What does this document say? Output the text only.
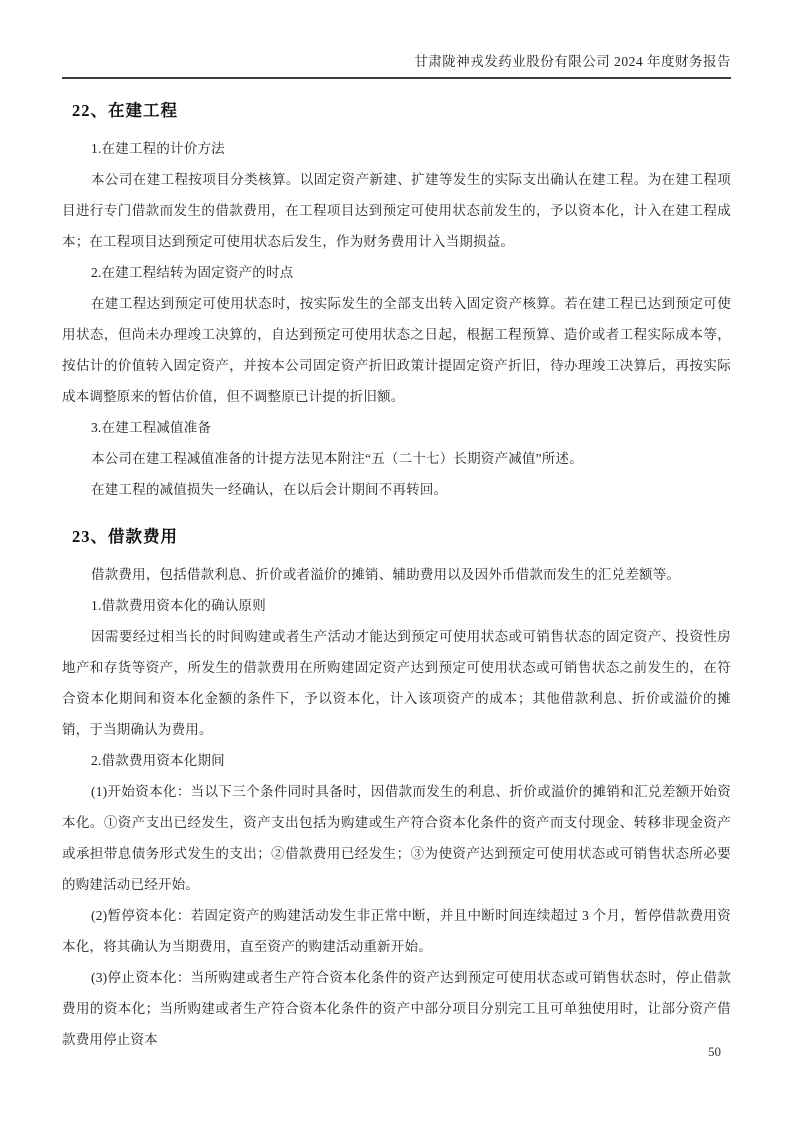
甘肃陇神戎发药业股份有限公司 2024 年度财务报告
22、在建工程

1.在建工程的计价方法

本公司在建工程按项目分类核算。以固定资产新建、扩建等发生的实际支出确认在建工程。为在建工程项目进行专门借款而发生的借款费用，在工程项目达到预定可使用状态前发生的，予以资本化，计入在建工程成本；在工程项目达到预定可使用状态后发生，作为财务费用计入当期损益。

2.在建工程结转为固定资产的时点

在建工程达到预定可使用状态时，按实际发生的全部支出转入固定资产核算。若在建工程已达到预定可使用状态，但尚未办理竣工决算的，自达到预定可使用状态之日起，根据工程预算、造价或者工程实际成本等，按估计的价值转入固定资产，并按本公司固定资产折旧政策计提固定资产折旧，待办理竣工决算后，再按实际成本调整原来的暂估价值，但不调整原已计提的折旧额。

3.在建工程减值准备

本公司在建工程减值准备的计提方法见本附注“五（二十七）长期资产减值”所述。

在建工程的减值损失一经确认，在以后会计期间不再转回。

23、借款费用

借款费用，包括借款利息、折价或者溢价的摊销、辅助费用以及因外币借款而发生的汇兑差额等。

1.借款费用资本化的确认原则

因需要经过相当长的时间购建或者生产活动才能达到预定可使用状态或可销售状态的固定资产、投资性房地产和存货等资产，所发生的借款费用在所购建固定资产达到预定可使用状态或可销售状态之前发生的，在符合资本化期间和资本化金额的条件下，予以资本化，计入该项资产的成本；其他借款利息、折价或溢价的摊销，于当期确认为费用。

2.借款费用资本化期间

(1)开始资本化：当以下三个条件同时具备时，因借款而发生的利息、折价或溢价的摊销和汇兑差额开始资本化。①资产支出已经发生，资产支出包括为购建或生产符合资本化条件的资产而支付现金、转移非现金资产或承担带息债务形式发生的支出；②借款费用已经发生；③为使资产达到预定可使用状态或可销售状态所必要的购建活动已经开始。

(2)暂停资本化：若固定资产的购建活动发生非正常中断，并且中断时间连续超过 3 个月，暂停借款费用资本化，将其确认为当期费用，直至资产的购建活动重新开始。

(3)停止资本化：当所购建或者生产符合资本化条件的资产达到预定可使用状态或可销售状态时，停止借款费用的资本化；当所购建或者生产符合资本化条件的资产中部分项目分别完工且可单独使用时，让部分资产借款费用停止资本

50
